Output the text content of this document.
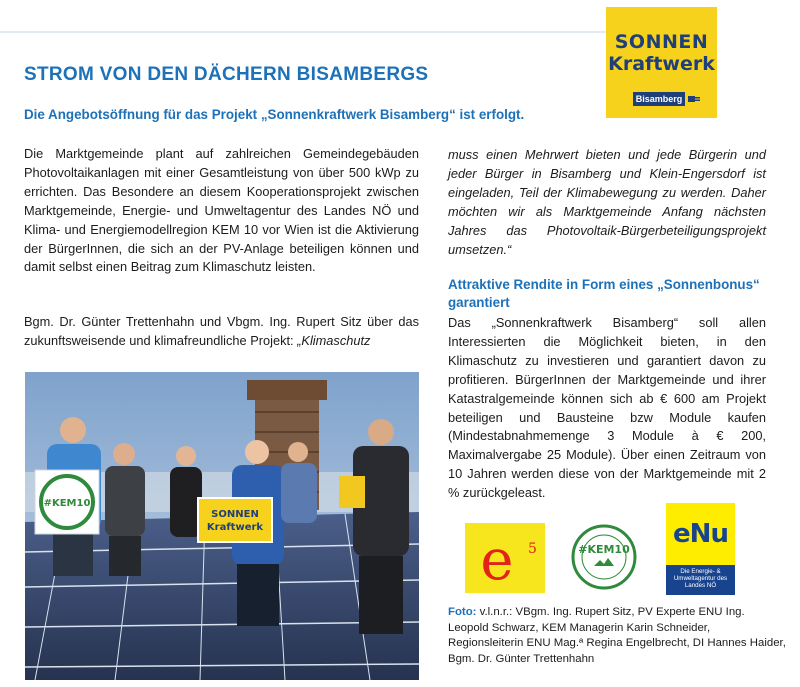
SONNEN
Kraftwerk
Bisamberg
STROM VON DEN DÄCHERN BISAMBERGS
Die Angebotsöffnung für das Projekt „Sonnenkraftwerk Bisamberg“ ist erfolgt.

Die Marktgemeinde plant auf zahlreichen Gemeindegebäuden Photovoltaikanlagen mit einer Gesamtleistung von über 500 kWp zu errichten. Das Besondere an diesem Kooperationsprojekt zwischen Marktgemeinde, Energie- und Umweltagentur des Landes NÖ und Klima- und Energiemodellregion KEM 10 vor Wien ist die Aktivierung der BürgerInnen, die sich an der PV-Anlage beteiligen können und damit selbst einen Beitrag zum Klimaschutz leisten.

Bgm. Dr. Günter Trettenhahn und Vbgm. Ing. Rupert Sitz über das zukunftsweisende und klimafreundliche Projekt: „Klimaschutz

muss einen Mehrwert bieten und jede Bürgerin und jeder Bürger in Bisamberg und Klein-Engersdorf ist eingeladen, Teil der Klimabewegung zu werden. Daher möchten wir als Marktgemeinde Anfang nächsten Jahres das Photovoltaik-Bürgerbeteiligungsprojekt umsetzen.“

Attraktive Rendite in Form eines „Sonnenbonus“ garantiert

Das „Sonnenkraftwerk Bisamberg“ soll allen Interessierten die Möglichkeit bieten, in den Klimaschutz zu investieren und garantiert davon zu profitieren. BürgerInnen der Marktgemeinde und ihrer Katastralgemeinde können sich ab € 600 am Projekt beteiligen und Bausteine bzw Module kaufen (Mindestabnahmemenge 3 Module à € 200, Maximalvergabe 25 Module). Über einen Zeitraum von 10 Jahren werden diese von der Marktgemeinde mit 2 % zurückgeleast.

#KEM10
SONNEN
Kraftwerk
e 5	#KEM10
eNu
Die Energie- & Umweltagentur des Landes NÖ

Foto: v.l.n.r.: VBgm. Ing. Rupert Sitz, PV Experte ENU Ing. Leopold Schwarz, KEM Managerin Karin Schneider, Regionsleiterin ENU Mag.ª Regina Engelbrecht, DI Hannes Haider, Bgm. Dr. Günter Trettenhahn
